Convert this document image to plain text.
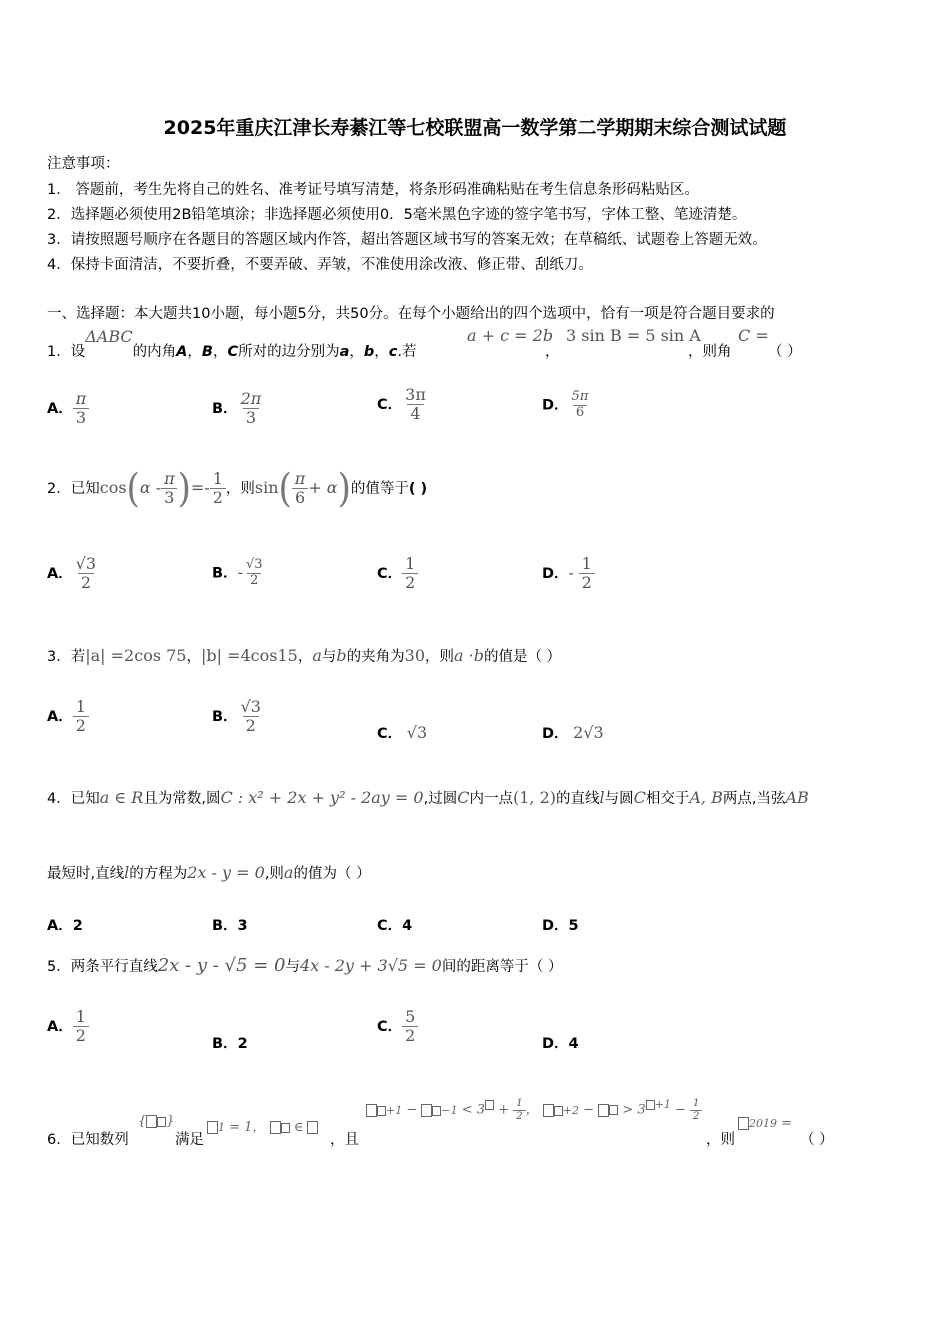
2025年重庆江津长寿綦江等七校联盟高一数学第二学期期末综合测试试题
注意事项：
1． 答题前，考生先将自己的姓名、准考证号填写清楚，将条形码准确粘贴在考生信息条形码粘贴区。
2．选择题必须使用2B铅笔填涂；非选择题必须使用0．5毫米黑色字迹的签字笔书写，字体工整、笔迹清楚。
3．请按照题号顺序在各题目的答题区域内作答，超出答题区域书写的答案无效；在草稿纸、试题卷上答题无效。
4．保持卡面清洁，不要折叠，不要弄破、弄皱，不准使用涂改液、修正带、刮纸刀。
一、选择题：本大题共10小题，每小题5分，共50分。在每个小题给出的四个选项中，恰有一项是符合题目要求的
1．设ΔABC的内角A，B，C所对的边分别为a，b，c.若
a + c = 2b
，
3 sin B = 5 sin A
，则角
C =
（ ）
A． $\frac{\pi}{3}$	B． $\frac{2\pi}{3}$	C． $\frac{3\pi}{4}$	D． $\frac{5\pi}{6}$
2．已知$\cos(\alpha - \frac{\pi}{3}$ )=- $\frac{1}{2}$ ，则$\sin( \frac{\pi}{6} + \alpha)$的值等于( )
A． $\frac{√3}{2}$	B．- $\frac{√3}{2}$	C． $\frac{1}{2}$	D．- $\frac{1}{2}$
3．若|a| =2cos 75，|b| =4cos15，a与b的夹角为30，则a ·b的值是（ ）
A． $\frac{1}{2}$	B． $\frac{√3}{2}$	C． √3	D． 2√3
4．已知a ∈ R且为常数,圆C : x² + 2x + y² - 2ay = 0,过圆C内一点(1, 2)的直线l与圆C相交于A, B两点,当弦AB
最短时,直线l的方程为2x - y = 0,则a的值为（ ）
A．2	B．3	C．4	D．5
5．两条平行直线2x - y - √5 = 0与4x - 2y + 3√5 = 0间的距离等于（ ）
A． $\frac{1}{2}$	B．2
C． $\frac{5}{2}$	D．4
6．已知数列
{ }
满足
1 = 1， ∈
，且
$+1 - -1 < 3 + \frac{1}{2}$ ， +2 − > 3 $^{+1} - \frac{1}{2}$
，则
2019 =
（ ）
